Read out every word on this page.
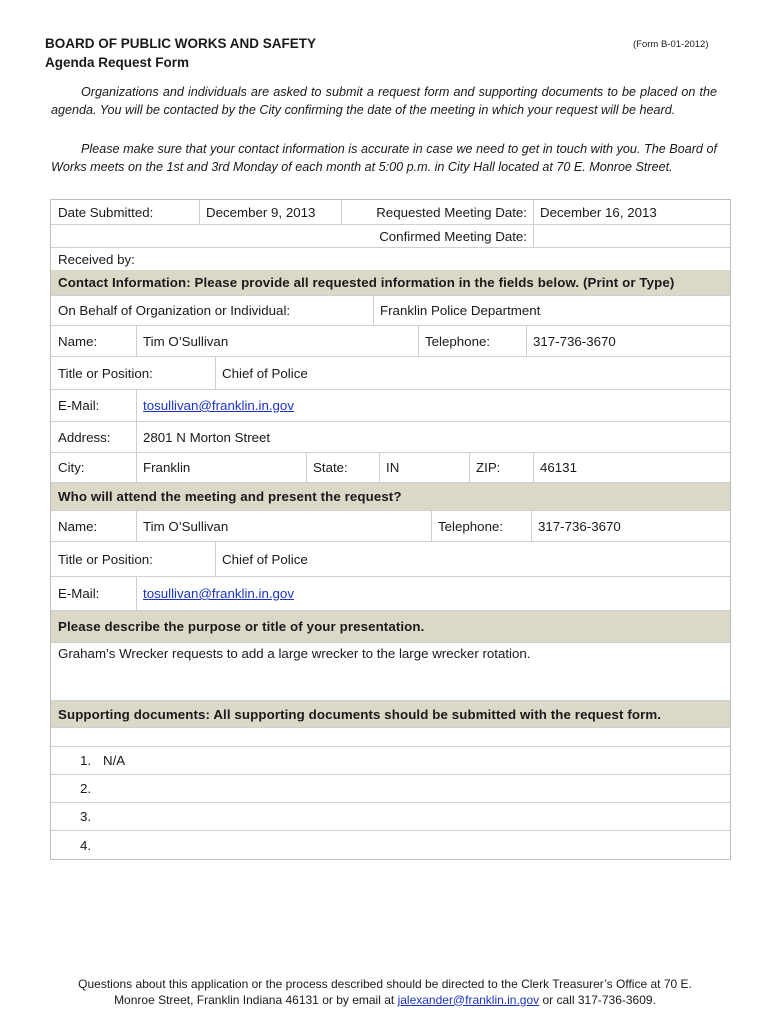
BOARD OF PUBLIC WORKS AND SAFETY
Agenda Request Form
(Form B-01-2012)
Organizations and individuals are asked to submit a request form and supporting documents to be placed on the agenda. You will be contacted by the City confirming the date of the meeting in which your request will be heard.
Please make sure that your contact information is accurate in case we need to get in touch with you. The Board of Works meets on the 1st and 3rd Monday of each month at 5:00 p.m. in City Hall located at 70 E. Monroe Street.
Date Submitted:	December 9, 2013	Requested Meeting Date: December 16, 2013
Confirmed Meeting Date:
Received by:
Contact Information: Please provide all requested information in the fields below. (Print or Type)
On Behalf of Organization or Individual:	Franklin Police Department
Name:	Tim O’Sullivan	Telephone:	317-736-3670
Title or Position:	Chief of Police
E-Mail:	tosullivan@franklin.in.gov
Address:	2801 N Morton Street
City:	Franklin	State:	IN	ZIP:	46131
Who will attend the meeting and present the request?
Name:	Tim O’Sullivan	Telephone:	317-736-3670
Title or Position:	Chief of Police
E-Mail:	tosullivan@franklin.in.gov
Please describe the purpose or title of your presentation.
Graham’s Wrecker requests to add a large wrecker to the large wrecker rotation.
Supporting documents: All supporting documents should be submitted with the request form.
1. N/A
2.
3.
4.
Questions about this application or the process described should be directed to the Clerk Treasurer’s Office at 70 E.
Monroe Street, Franklin Indiana 46131 or by email at jalexander@franklin.in.gov or call 317-736-3609.
